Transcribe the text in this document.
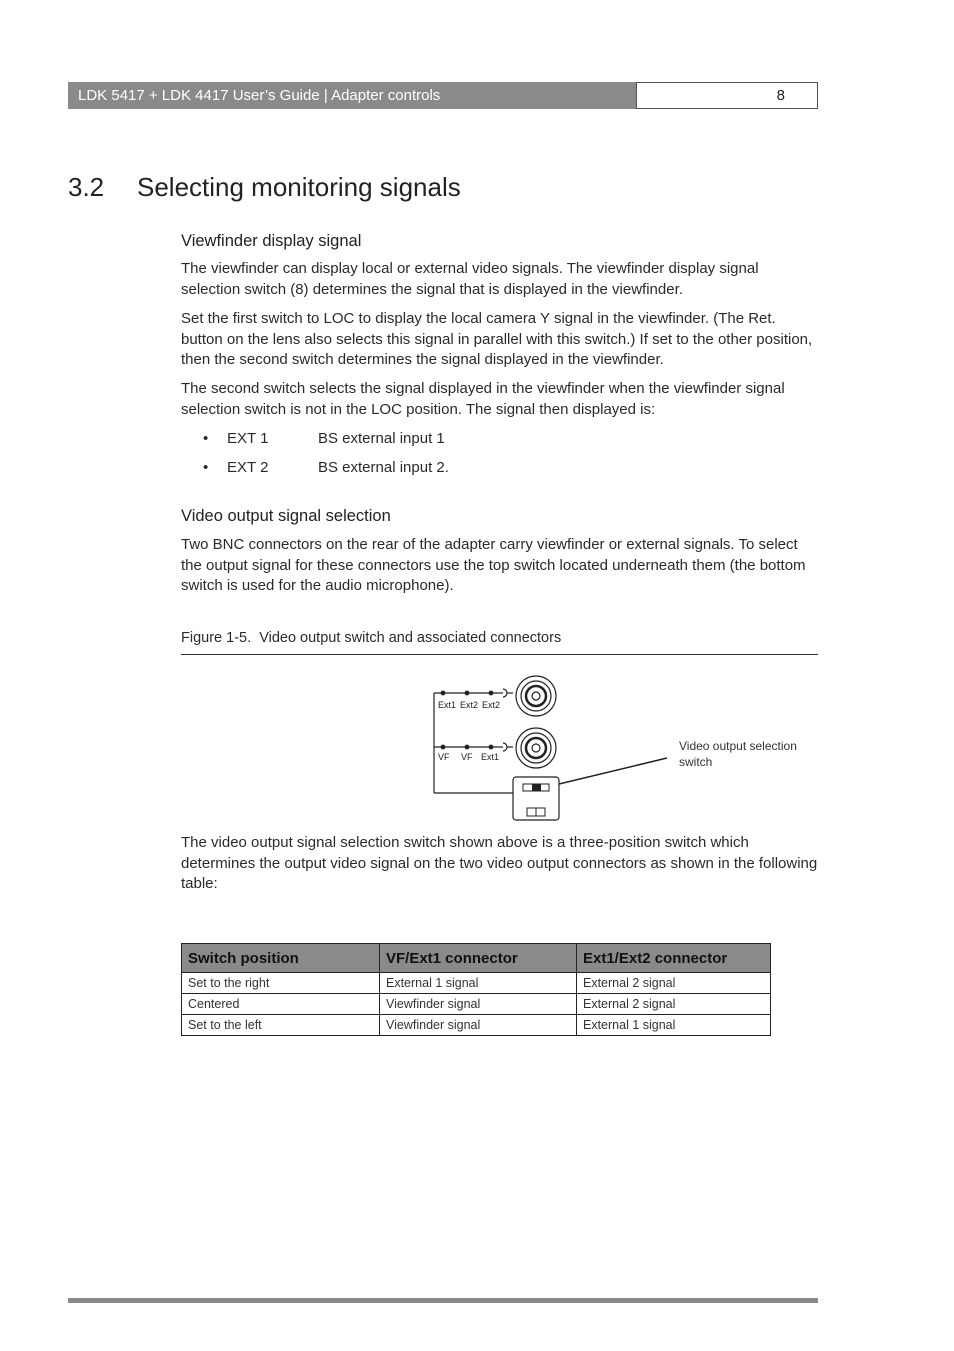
LDK 5417 + LDK 4417 User’s Guide | Adapter controls	8
3.2 Selecting monitoring signals
Viewfinder display signal
The viewfinder can display local or external video signals. The viewfinder display signal selection switch (8) determines the signal that is displayed in the viewfinder.
Set the first switch to LOC to display the local camera Y signal in the viewfinder. (The Ret. button on the lens also selects this signal in parallel with this switch.) If set to the other position, then the second switch determines the signal displayed in the viewfinder.
The second switch selects the signal displayed in the viewfinder when the viewfinder signal selection switch is not in the LOC position. The signal then displayed is:
• EXT 1	BS external input 1
• EXT 2	BS external input 2.
Video output signal selection
Two BNC connectors on the rear of the adapter carry viewfinder or external signals. To select the output signal for these connectors use the top switch located underneath them (the bottom switch is used for the audio microphone).
Figure 1-5. Video output switch and associated connectors
Ext1 Ext2 Ext2
VF VF Ext1
Video output selection
switch
The video output signal selection switch shown above is a three-position switch which determines the output video signal on the two video output connectors as shown in the following table:
Switch position	VF/Ext1 connector	Ext1/Ext2 connector
Set to the right	External 1 signal	External 2 signal
Centered	Viewfinder signal	External 2 signal
Set to the left	Viewfinder signal	External 1 signal
